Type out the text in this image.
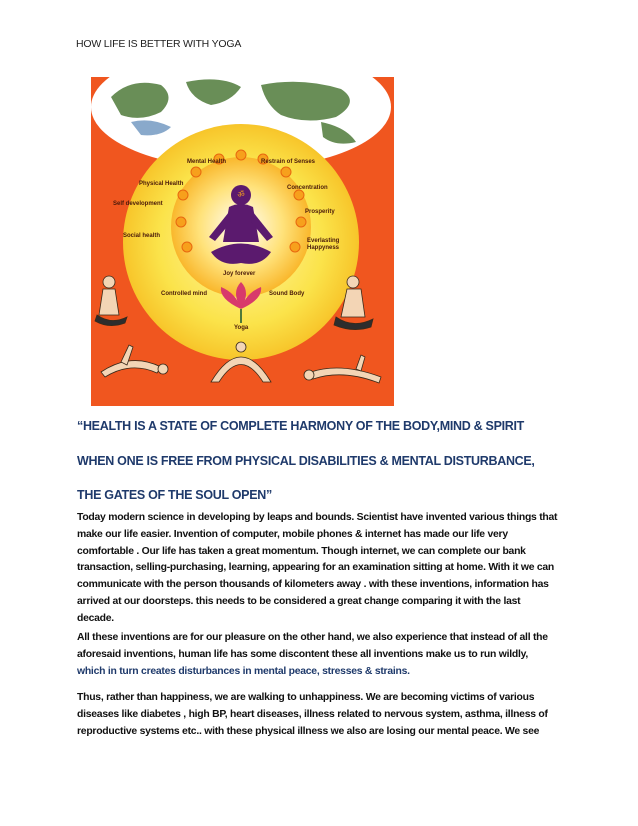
HOW LIFE IS BETTER WITH YOGA
ॐ
Mental Health	Restrain of Senses
Physical Health
Concentration
Self development
Prosperity
Social health
Everlasting
Happyness
Joy forever
Controlled mind	Sound Body
Yoga
“HEALTH IS A STATE OF COMPLETE HARMONY OF THE BODY,MIND & SPIRIT
WHEN ONE IS FREE FROM PHYSICAL DISABILITIES & MENTAL DISTURBANCE,
THE GATES OF THE SOUL OPEN”
Today modern science in developing by leaps and bounds. Scientist have invented various things that
make our life easier. Invention of computer, mobile phones & internet has made our life very
comfortable . Our life has taken a great momentum. Though internet, we can complete our bank
transaction, selling-purchasing, learning, appearing for an examination sitting at home. With it we can
communicate with the person thousands of kilometers away . with these inventions, information has
arrived at our doorsteps. this needs to be considered a great change comparing it with the last
decade.
All these inventions are for our pleasure on the other hand, we also experience that instead of all the
aforesaid inventions, human life has some discontent these all inventions make us to run wildly,
which in turn creates disturbances in mental peace, stresses & strains.
Thus, rather than happiness, we are walking to unhappiness. We are becoming victims of various
diseases like diabetes , high BP, heart diseases, illness related to nervous system, asthma, illness of
reproductive systems etc.. with these physical illness we also are losing our mental peace. We see
